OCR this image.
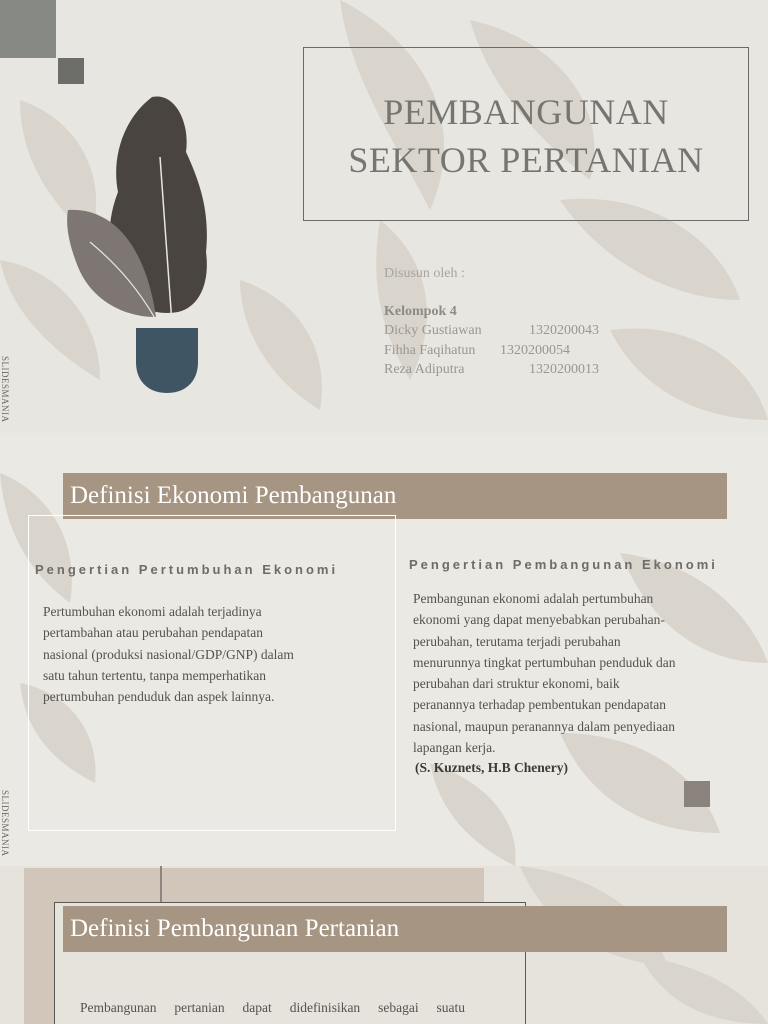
PEMBANGUNAN
SEKTOR PERTANIAN
Disusun oleh :
Kelompok 4
Dicky Gustiawan	1320200043
Fihha Faqihatun	1320200054
Reza Adiputra	1320200013
SLIDESMANIA
Definisi Ekonomi Pembangunan
Pengertian Pertumbuhan Ekonomi
Pertumbuhan ekonomi adalah terjadinya
pertambahan atau perubahan pendapatan
nasional (produksi nasional/GDP/GNP) dalam
satu tahun tertentu, tanpa memperhatikan
pertumbuhan penduduk dan aspek lainnya.
Pengertian Pembangunan Ekonomi
Pembangunan ekonomi adalah pertumbuhan
ekonomi yang dapat menyebabkan perubahan-
perubahan, terutama terjadi perubahan
menurunnya tingkat pertumbuhan penduduk dan
perubahan dari struktur ekonomi, baik
peranannya terhadap pembentukan pendapatan
nasional, maupun peranannya dalam penyediaan
lapangan kerja.
(S. Kuznets, H.B Chenery)
SLIDESMANIA
Definisi Pembangunan Pertanian
Pembangunan pertanian dapat didefinisikan sebagai suatu
